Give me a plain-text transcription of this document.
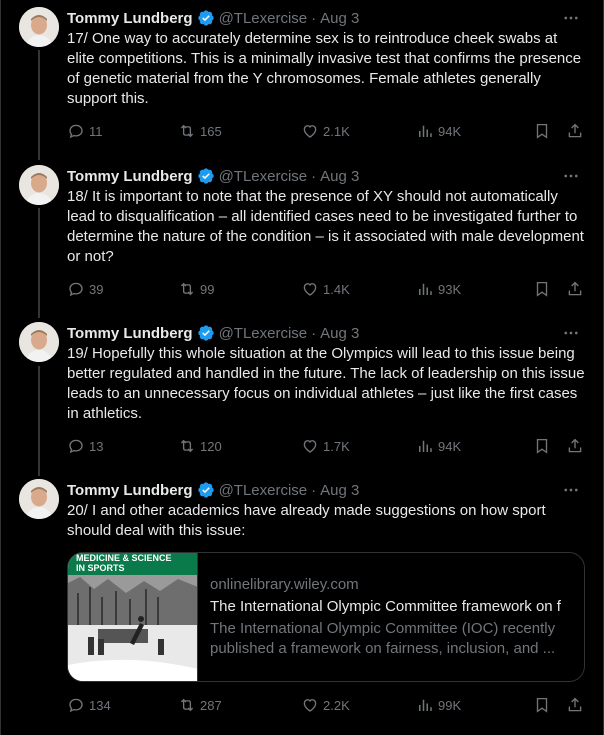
Tommy Lundberg @TLexercise · Aug 3
17/ One way to accurately determine sex is to reintroduce cheek swabs at elite competitions. This is a minimally invasive test that confirms the presence of genetic material from the Y chromosomes. Female athletes generally support this.
11	165	2.1K	94K
Tommy Lundberg @TLexercise · Aug 3
18/ It is important to note that the presence of XY should not automatically lead to disqualification – all identified cases need to be investigated further to determine the nature of the condition – is it associated with male development or not?
39	99	1.4K	93K
Tommy Lundberg @TLexercise · Aug 3
19/ Hopefully this whole situation at the Olympics will lead to this issue being better regulated and handled in the future. The lack of leadership on this issue leads to an unnecessary focus on individual athletes – just like the first cases in athletics.
13	120	1.7K	94K
Tommy Lundberg @TLexercise · Aug 3
20/ I and other academics have already made suggestions on how sport should deal with this issue:
MEDICINE & SCIENCE
IN SPORTS
onlinelibrary.wiley.com
The International Olympic Committee framework on f
The International Olympic Committee (IOC) recently published a framework on fairness, inclusion, and ...
134	287	2.2K	99K
